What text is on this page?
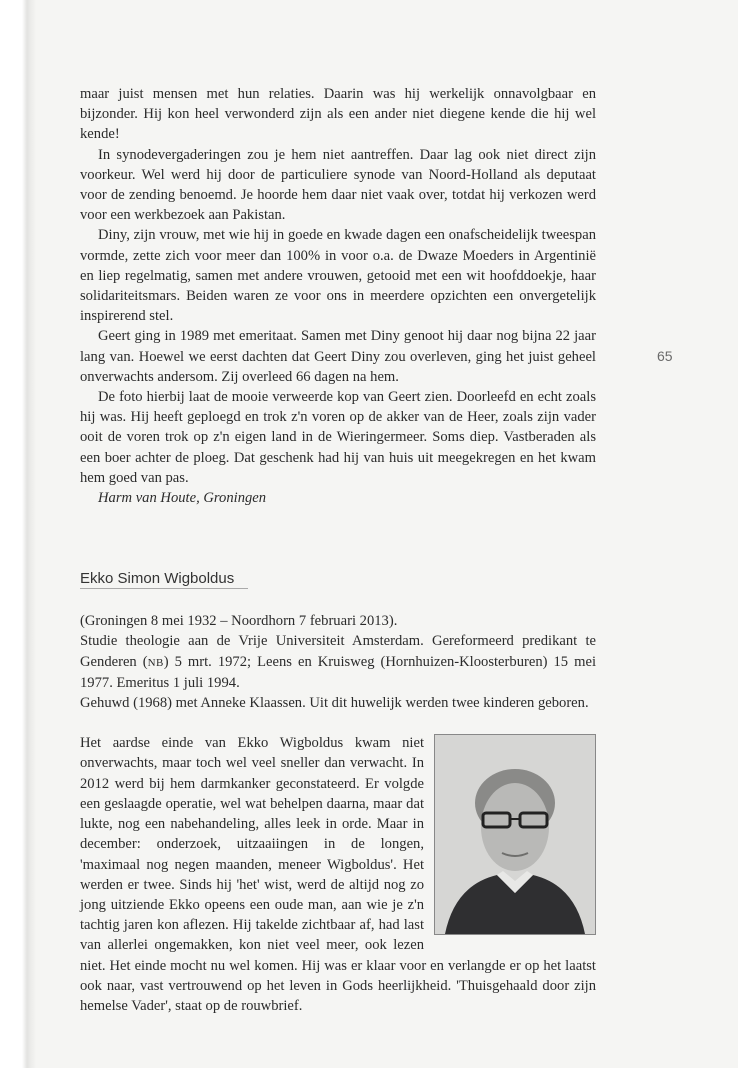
65

maar juist mensen met hun relaties. Daarin was hij werkelijk onnavolgbaar en bijzonder. Hij kon heel verwonderd zijn als een ander niet diegene kende die hij wel kende!

In synodevergaderingen zou je hem niet aantreffen. Daar lag ook niet direct zijn voorkeur. Wel werd hij door de particuliere synode van Noord-Holland als deputaat voor de zending benoemd. Je hoorde hem daar niet vaak over, totdat hij verkozen werd voor een werkbezoek aan Pakistan.

Diny, zijn vrouw, met wie hij in goede en kwade dagen een onafscheidelijk tweespan vormde, zette zich voor meer dan 100% in voor o.a. de Dwaze Moeders in Argentinië en liep regelmatig, samen met andere vrouwen, getooid met een wit hoofddoekje, haar solidariteitsmars. Beiden waren ze voor ons in meerdere opzichten een onvergetelijk inspirerend stel.

Geert ging in 1989 met emeritaat. Samen met Diny genoot hij daar nog bijna 22 jaar lang van. Hoewel we eerst dachten dat Geert Diny zou overleven, ging het juist geheel onverwachts andersom. Zij overleed 66 dagen na hem.

De foto hierbij laat de mooie verweerde kop van Geert zien. Doorleefd en echt zoals hij was. Hij heeft geploegd en trok z'n voren op de akker van de Heer, zoals zijn vader ooit de voren trok op z'n eigen land in de Wieringermeer. Soms diep. Vastberaden als een boer achter de ploeg. Dat geschenk had hij van huis uit meegekregen en het kwam hem goed van pas.

Harm van Houte, Groningen

Ekko Simon Wigboldus

(Groningen 8 mei 1932 – Noordhorn 7 februari 2013).

Studie theologie aan de Vrije Universiteit Amsterdam. Gereformeerd predikant te Genderen (NB) 5 mrt. 1972; Leens en Kruisweg (Hornhuizen-Kloosterburen) 15 mei 1977. Emeritus 1 juli 1994.

Gehuwd (1968) met Anneke Klaassen. Uit dit huwelijk werden twee kinderen geboren.

Het aardse einde van Ekko Wigboldus kwam niet onverwachts, maar toch wel veel sneller dan verwacht. In 2012 werd bij hem darmkanker geconstateerd. Er volgde een geslaagde operatie, wel wat behelpen daarna, maar dat lukte, nog een nabehandeling, alles leek in orde. Maar in december: onderzoek, uitzaaiingen in de longen, 'maximaal nog negen maanden, meneer Wigboldus'. Het werden er twee. Sinds hij 'het' wist, werd de altijd nog zo jong uitziende Ekko opeens een oude man, aan wie je z'n tachtig jaren kon aflezen. Hij takelde zichtbaar af, had last van allerlei ongemakken, kon niet veel meer, ook lezen niet. Het einde mocht nu wel komen. Hij was er klaar voor en verlangde er op het laatst ook naar, vast vertrouwend op het leven in Gods heerlijkheid. 'Thuisgehaald door zijn hemelse Vader', staat op de rouwbrief.
